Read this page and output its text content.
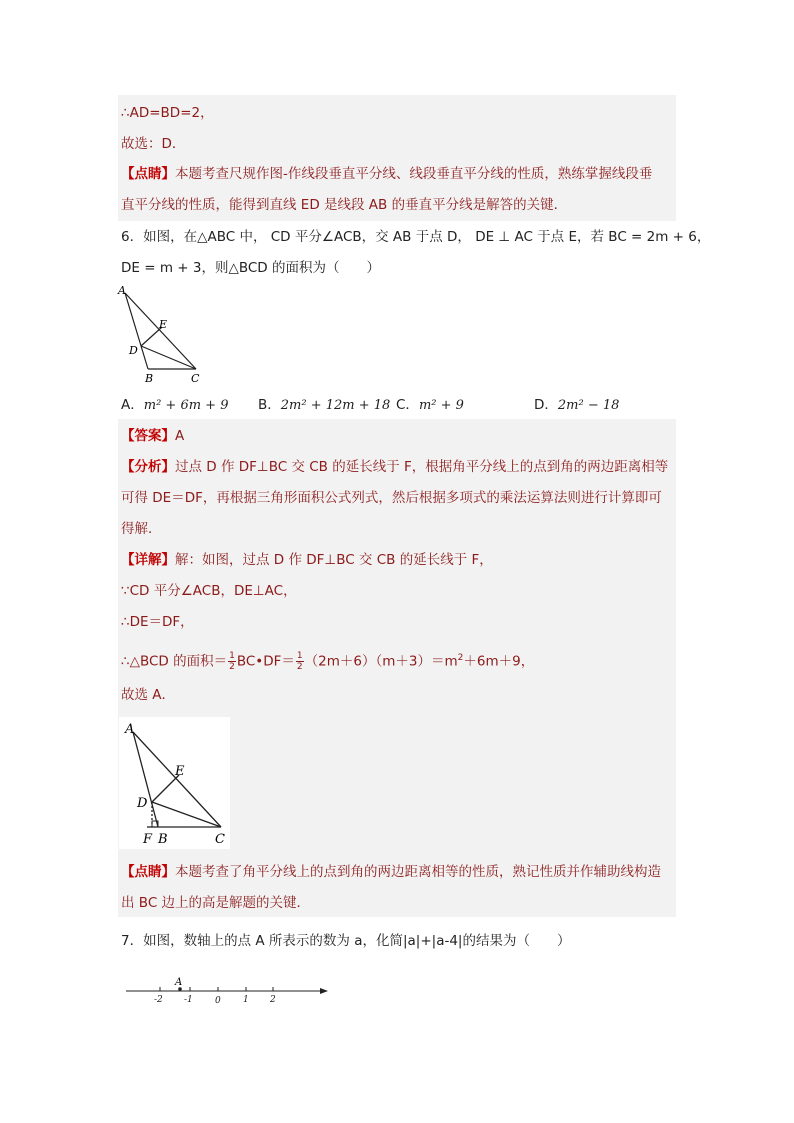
∴AD=BD=2，
故选：D．
【点睛】本题考查尺规作图-作线段垂直平分线、线段垂直平分线的性质，熟练掌握线段垂
直平分线的性质，能得到直线 ED 是线段 AB 的垂直平分线是解答的关键．
6．如图，在△ABC 中， CD 平分∠ACB，交 AB 于点 D， DE ⊥ AC 于点 E，若 BC = 2m + 6，
DE = m + 3，则△BCD 的面积为（　　）
A
E
D
B	C
A．m² + 6m + 9 B．2m² + 12m + 18 C．m² + 9	D．2m² − 18
【答案】A
【分析】过点 D 作 DF⊥BC 交 CB 的延长线于 F，根据角平分线上的点到角的两边距离相等
可得 DE＝DF，再根据三角形面积公式列式，然后根据多项式的乘法运算法则进行计算即可
得解．
【详解】解：如图，过点 D 作 DF⊥BC 交 CB 的延长线于 F，
∵CD 平分∠ACB，DE⊥AC，
∴DE＝DF，
∴△BCD 的面积＝ $\frac{1}{2}$ BC•DF＝ $\frac{1}{2} (2m+6)(m+3)=m^2+6m+9$，
故选 A．
A
E
D
F B	C
【点睛】本题考查了角平分线上的点到角的两边距离相等的性质，熟记性质并作辅助线构造
出 BC 边上的高是解题的关键．
7．如图，数轴上的点 A 所表示的数为 a，化简|a|+|a-4|的结果为（　　）
A
-2 -1 0 1 2
